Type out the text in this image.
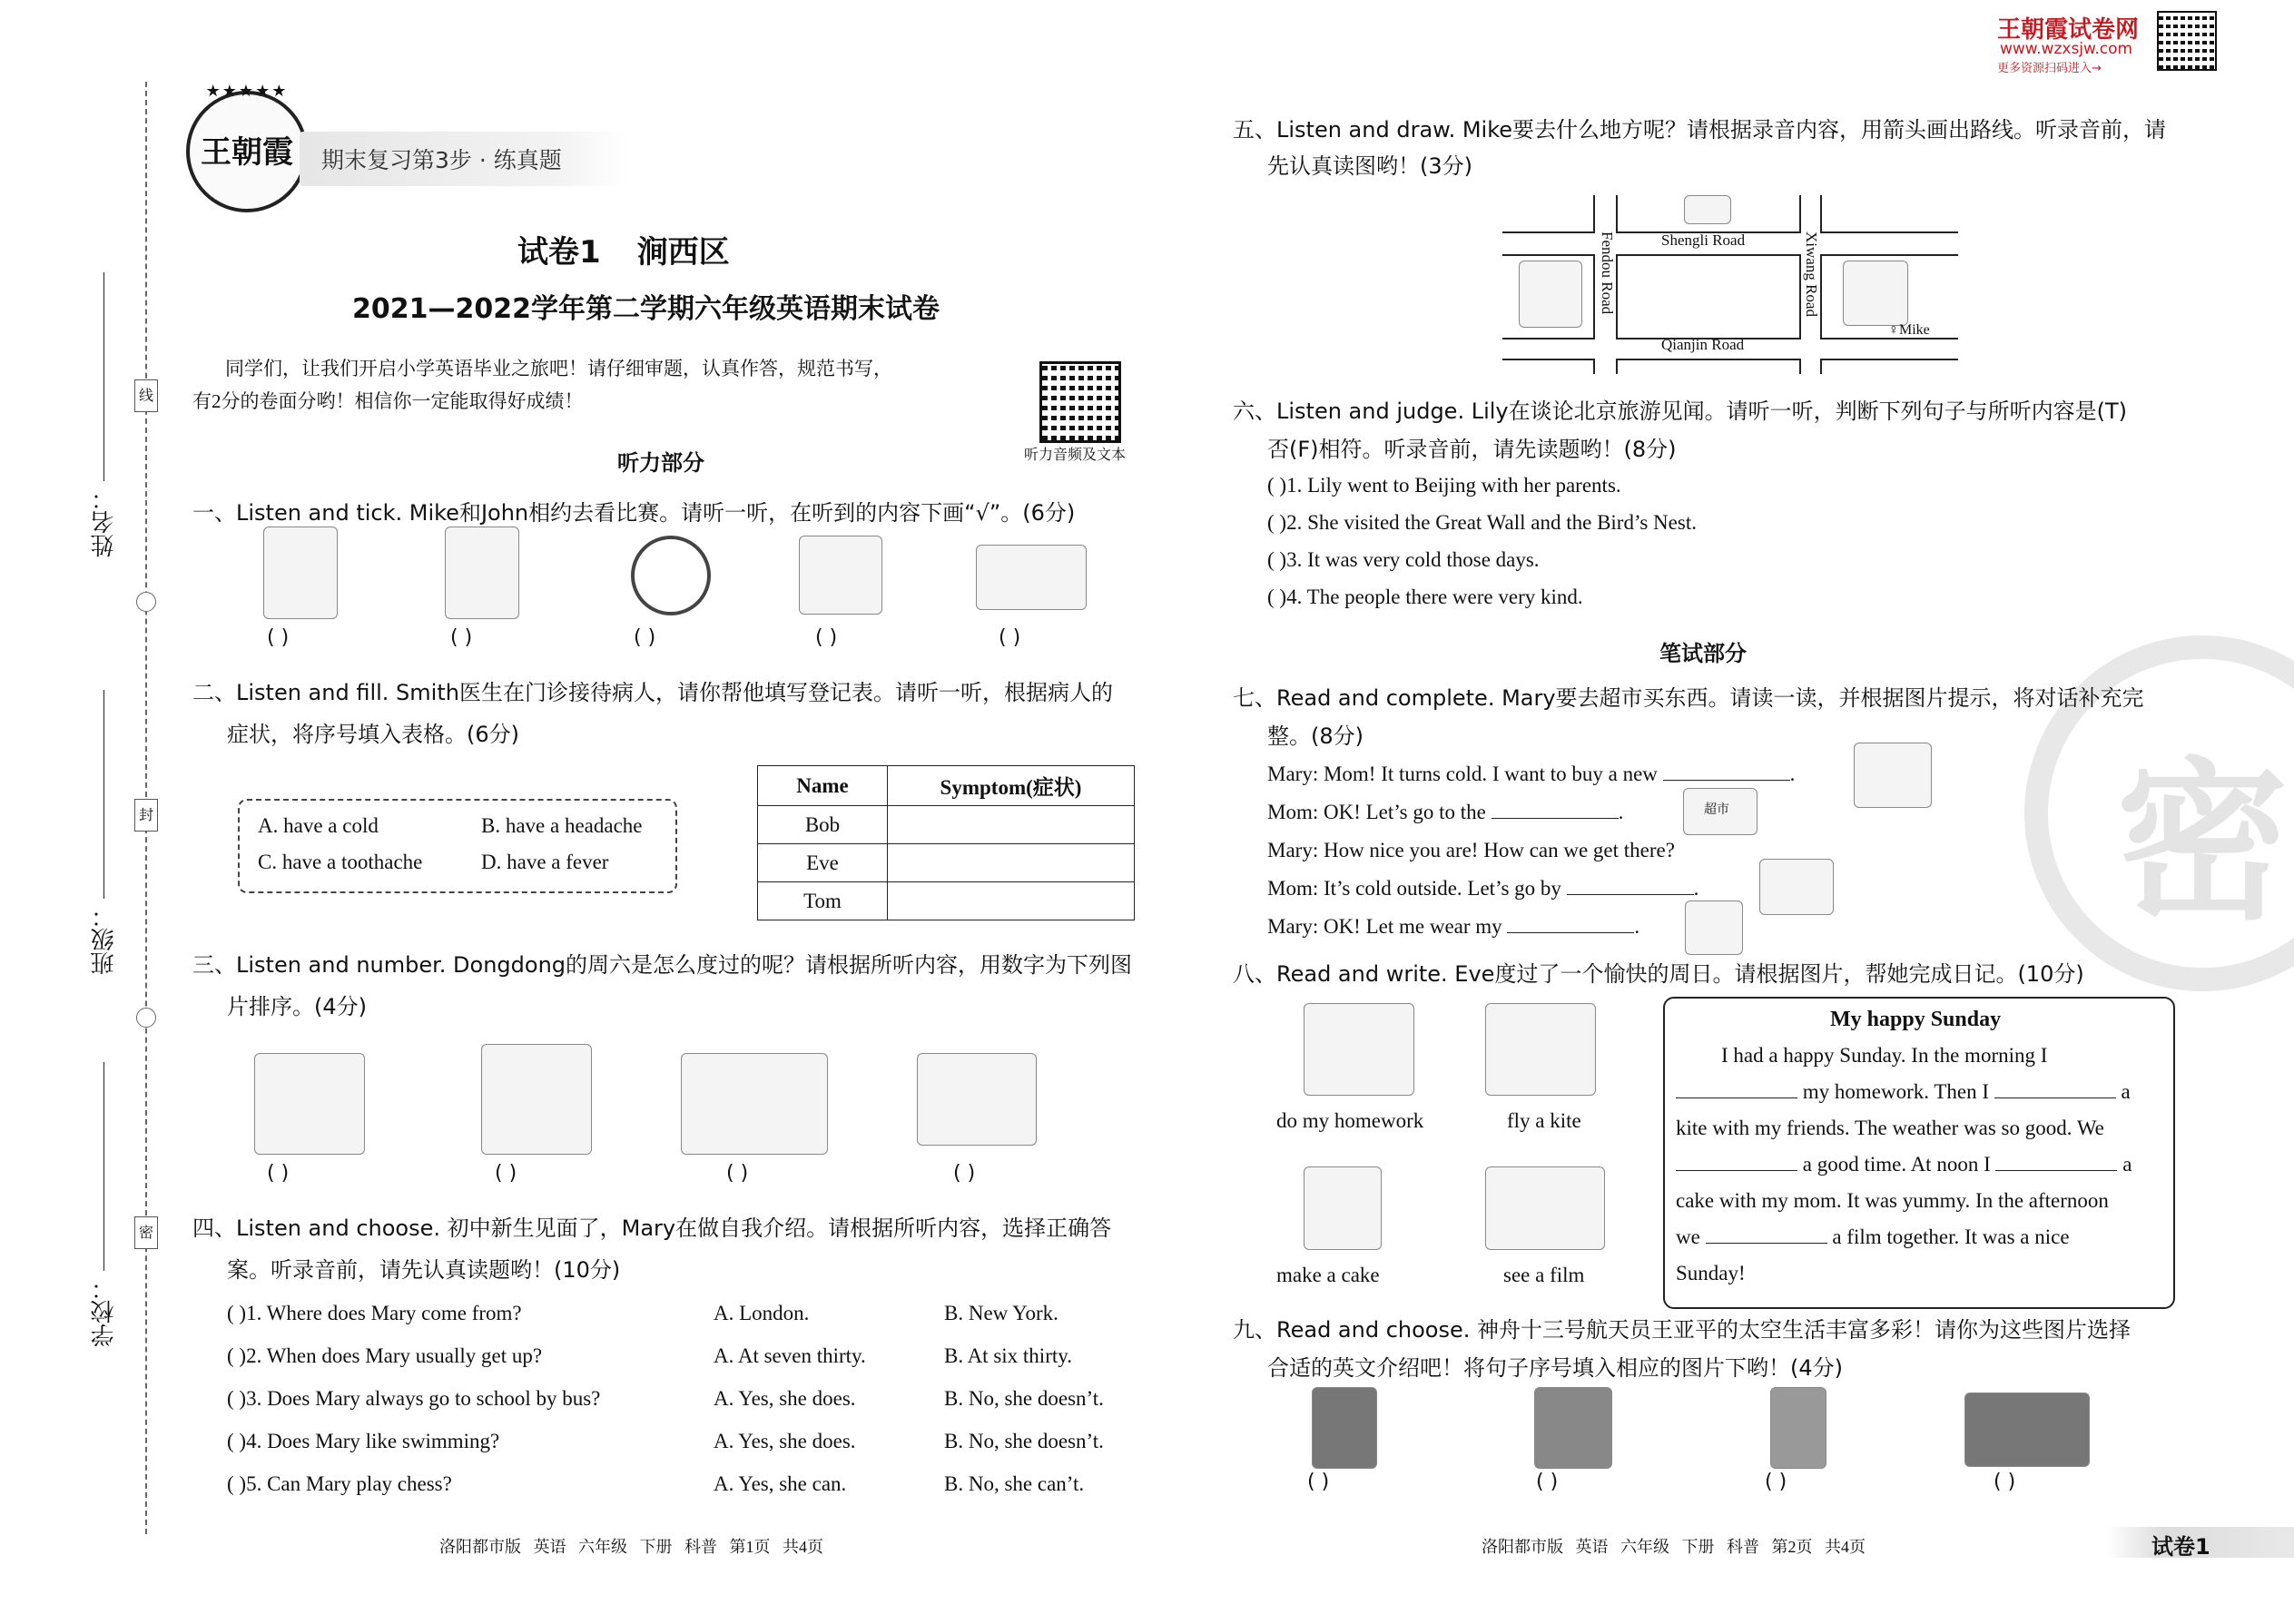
线
封
密
姓名：
班级：
学校：
★★★★★
王朝霞	期末复习第3步 · 练真题
试卷1 涧西区
2021—2022学年第二学期六年级英语期末试卷
同学们，让我们开启小学英语毕业之旅吧！请仔细审题，认真作答，规范书写，
有2分的卷面分哟！相信你一定能取得好成绩！
听力音频及文本
听力部分
一、Listen and tick. Mike和John相约去看比赛。请听一听，在听到的内容下画“√”。(6分)
( )	( )	( )	( )	( )
二、Listen and fill. Smith医生在门诊接待病人，请你帮他填写登记表。请听一听，根据病人的
症状，将序号填入表格。(6分)
A. have a cold	B. have a headache
C. have a toothache	D. have a fever
Name	Symptom(症状)
Bob	
Eve	
Tom	
三、Listen and number. Dongdong的周六是怎么度过的呢？请根据所听内容，用数字为下列图
片排序。(4分)
( )	( )	( )	( )
四、Listen and choose. 初中新生见面了，Mary在做自我介绍。请根据所听内容，选择正确答
案。听录音前，请先认真读题哟！(10分)
( )1. Where does Mary come from?	A. London.	B. New York.
( )2. When does Mary usually get up?	A. At seven thirty.	B. At six thirty.
( )3. Does Mary always go to school by bus?	A. Yes, she does.	B. No, she doesn’t.
( )4. Does Mary like swimming?	A. Yes, she does.	B. No, she doesn’t.
( )5. Can Mary play chess?	A. Yes, she can.	B. No, she can’t.
洛阳都市版   英语   六年级   下册   科普   第1页   共4页
王朝霞试卷网
www.wzxsjw.com
更多资源扫码进入→
密
五、Listen and draw. Mike要去什么地方呢？请根据录音内容，用箭头画出路线。听录音前，请
先认真读图哟！(3分)
Shengli Road
Qianjin Road
Fendou Road	Xiwang Road
♀Mike
六、Listen and judge. Lily在谈论北京旅游见闻。请听一听，判断下列句子与所听内容是(T)
否(F)相符。听录音前，请先读题哟！(8分)
( )1. Lily went to Beijing with her parents.
( )2. She visited the Great Wall and the Bird’s Nest.
( )3. It was very cold those days.
( )4. The people there were very kind.
笔试部分
七、Read and complete. Mary要去超市买东西。请读一读，并根据图片提示，将对话补充完
整。(8分)
Mary: Mom! It turns cold. I want to buy a new	.
Mom: OK! Let’s go to the	.
Mary: How nice you are! How can we get there?
Mom: It’s cold outside. Let’s go by	.
Mary: OK! Let me wear my	.
超市
八、Read and write. Eve度过了一个愉快的周日。请根据图片，帮她完成日记。(10分)
do my homework	fly a kite
make a cake	see a film
My happy Sunday
I had a happy Sunday. In the morning I
my homework. Then I	a
kite with my friends. The weather was so good. We
a good time. At noon I	a
cake with my mom. It was yummy. In the afternoon
we	a film together. It was a nice
Sunday!
九、Read and choose. 神舟十三号航天员王亚平的太空生活丰富多彩！请你为这些图片选择
合适的英文介绍吧！将句子序号填入相应的图片下哟！(4分)
( )	( )	( )	( )
洛阳都市版   英语   六年级   下册   科普   第2页   共4页	试卷1
